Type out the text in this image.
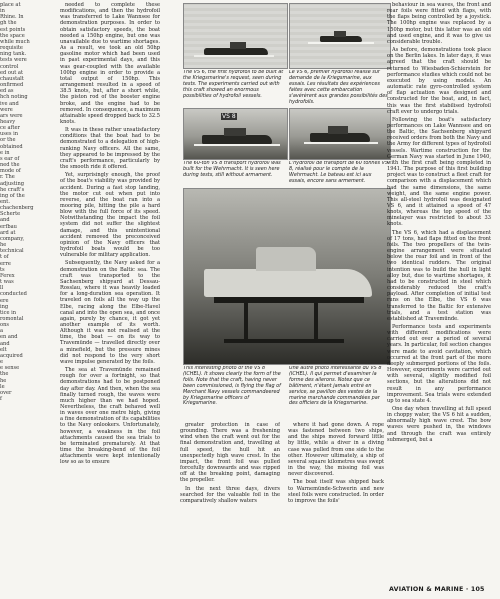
place at
in
Rhine. In
gh the
est points
the space
while much
requisite
ning tank.
tests were
control
ed out at
chaustalt
onfirmed
ed as
hch noting
ive and
were
ars were
heavy
ce after
uses in
or the
obtained
e in
s ear of
ned the
mode of
r. The
adjusting
he craft's
ing of the
ent.
chachenberg
Scherte
and
erfbau
ard at
company,
he
technical
t of
erre
ts
Ferex
t was
ll
conducted
ere
ing
tice in
romontal
ons
a
en and
and
elt
acquired
e
e sense
the
he
le
over
f

needed to complete these modifications, and then the hydrofoil was transferred to Lake Wannsee for demonstration purposes. In order to obtain satisfactory speeds, the boat needed a 150hp engine, but one was unavailable due to wartime shortages. As a result, we took an old 50hp gasoline motor which had been used in past experimental days, and this was gear-coupled with the available 100hp engine in order to provide a total output of 150hp. This arrangement resulted in a speed of 38.5 knots, but, after a short while, the piston rod of the booster engine broke, and the engine had to be removed. In consequence, a maximum attainable speed dropped back to 32.5 knots.

It was in these rather unsatisfactory conditions that the boat had to be demonstrated to a delegation of high-ranking Navy officers. All the same, they appeared to be impressed by the craft's performance, particularly by the smooth ride it offered.

Yet, surprisingly enough, the proof of the boat's viability was provided by accident. During a fast stop landing, the motor cut out when put into reverse, and the boat ran into a mooring pile, hitting the pile a hard blow with the full force of its speed. Notwithstanding the impact the foil system did not suffer the slightest damage, and this unintentional accident removed the preconceived opinion of the Navy officers that hydrofoil boats would be too vulnerable for military application.

Subsequently, the Navy asked for a demonstration on the Baltic sea. The craft was transported to the Sachsenberg shipyard at Dessau-Rosslau, where it was heavily loaded for a long-duration sea operation. It traveled on foils all the way up the Elbe, racing along the Elbe-Havel canal and into the open sea, and once again, purely by chance, it got yet another example of its worth. Although it was not realised at the time, the boat — on its way to Travemünde — travelled directly over a minefield, but the pressure mines did not respond to the very short wave impulse generated by the foils.

The sea at Travemünde remained rough for over a fortnight, so that demonstrations had to be postponed day after day. And then, when the sea finally turned rough, the waves were much higher than we had hoped. Nevertheless, the craft behaved well in waves over one metre high, giving a fine demonstration of its capabilities to the Navy onlookers. Unfortunately, however, a weakness in the foil attachments caused the sea trials to be terminated prematurely. At that time the breaking-bend of the foil attachments were kept intentionally low so as to ensure

The VS 6, the first hydrofoil to be built at the Kriegsmarine's request, seen during tests. The experiments carried out with this craft showed an enormous possibilities of hydrofoil vessels.
Le VS 6, premier hydrofoil réalisé sur demande de la Kriegsmarine, aux essais. Les résultats des expériences faites avec cette embarcation s'avérèrent aux grandes possibilités des hydrofoils.
VS 8
The 60-ton VS 8 transport hydrofoil was built for the Wehrmacht. It is seen here during tests, still without armament.
L'hydrofoil de transport de 60 tonnes VS 8, réalisé pour le compte de la Wehrmacht. Le bateau est ici aux essais, encore sans armement.
This interesting photo of the VS 8 (ICHEL). It shows clearly the form of the foils. Note that the craft, having never been commissioned, is flying the flag of Merchant Navy vessels commandeered by Kriegsmarine officers of Kriegsmarine.
Une autre photo intéressante du VS 8 (ICHEL). Il qui permet d'examiner la forme des ailerons. Notez que ce bâtiment, n'étant jamais entré en service, se pavillon des vestes de la marine marchande commandées par des officiers de la Kriegsmarine.

greater protection in case of grounding. There was a freshening wind when the craft went out for the final demonstration and, travelling at full speed, the hull hit an unexpectedly high wave crest. In the impact, the front foil was pulled forcefully downwards and was ripped off at the breaking point, damaging the propeller.

In the next three days, divers searched for the valuable foil in the comparatively shallow waters

where it had gone down. A rope was fastened between two ships, and the ships moved forward little by little, while a diver in a diving case was pulled from one side to the other. However ultimately, a ship of several square kilometres was swept in the way, the missing foil was never discovered.

The boat itself was shipped back to Warnemünde-Schwerin and new steel foils were constructed. In order to improve the foils'

behaviour in sea waves, the front and rear foils were fitted with flaps, with the flaps being controlled by a joystick. The 100hp engine was replaced by a 150hp motor, but this latter was an old and used engine, and it was to give us considerable trouble.

As before, demonstrations took place on the Berlin lakes. In later days, it was agreed that the craft should be returned to Wiesbaden-Schierstein for performance studies which could not be executed by using models. An automatic rate gyro-controlled system of flap actuation was designed and constructed for the boat, and, in fact, this was the first stabilised hydrofoil craft ever to undergo trials.

Following the boat's satisfactory performances on Lake Wannsee and on the Baltic, the Sachsenberg shipyard received orders from both the Navy and the Army for different types of hydrofoil vessels. Wartime construction for the German Navy was started in June 1940, with the first craft being completed in 1941. The purpose of this first building project was to construct a fleet craft for comparison with a displacement which had the same dimensions, the same weight, and the same engine power. This all-steel hydrofoil was designated VS 6, and it attained a speed of 47 knots, whereas the top speed of the minelayer was restricted to about 33 knots.

The VS 6, which had a displacement of 17 tons, had flaps fitted on the front foils. The two propellers of the twin-engine arrangement were situated below the rear foil and in front of the two identical rudders. The original intention was to build the hull in light alloy but, due to wartime shortages, it had to be constructed in steel which considerably reduced the craft's payload. After completion of initial test runs on the Elbe, the VS 6 was transferred to the Baltic for extensive trials, and a test station was established at Travemünde.

Performance tests and experiments with different modifications were carried out over a period of several years. In particular, foil section changes were made to avoid cavitation, which occurred at the front part of the more deeply submerged portions of the foils. However, experiments were carried out with several, slightly modified foil sections, but the alterations did not result in any performance improvement. Sea trials were extended up to sea state 4.

One day when travelling at full speed in choppy water, the VS 6 hit a sudden, abnormally high wave crest. The bow waves were pushed in, the windows and through the craft was entirely submerged, but a

AVIATION & MARINE · 105
